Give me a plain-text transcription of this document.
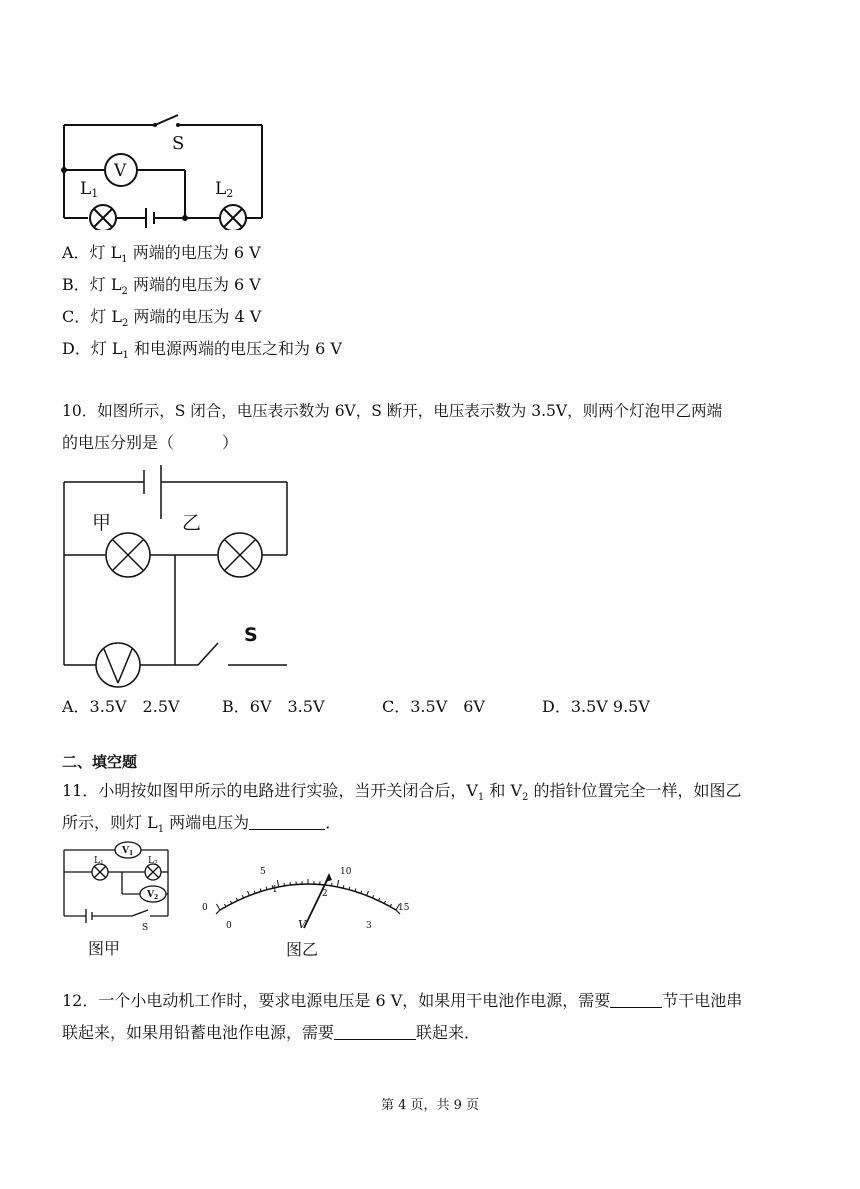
S
V
L1	L2
A．灯 $L_1$ 两端的电压为 6 V
B．灯 $L_2$ 两端的电压为 6 V
C．灯 $L_2$ 两端的电压为 4 V
D．灯 $L_1$ 和电源两端的电压之和为 6 V
10．如图所示，S 闭合，电压表示数为 6V，S 断开，电压表示数为 3.5V，则两个灯泡甲乙两端
的电压分别是（　　　）
甲	乙
S
A．3.5V　2.5V	B．6V　3.5V	C．3.5V　6V	D．3.5V 9.5V
二、填空题
11．小明按如图甲所示的电路进行实验，当开关闭合后，$V_1$ 和 $V_2$ 的指针位置完全一样，如图乙
所示，则灯 $L_1$ 两端电压为	．
$L_1$	$L_2$
$V_1$
$V_2$
S
图甲
0
5	10
15
0
1	2
3
V
图乙
12．一个小电动机工作时，要求电源电压是 6 V，如果用干电池作电源，需要	节干电池串
联起来，如果用铅蓄电池作电源，需要	联起来．
第 4 页，共 9 页
